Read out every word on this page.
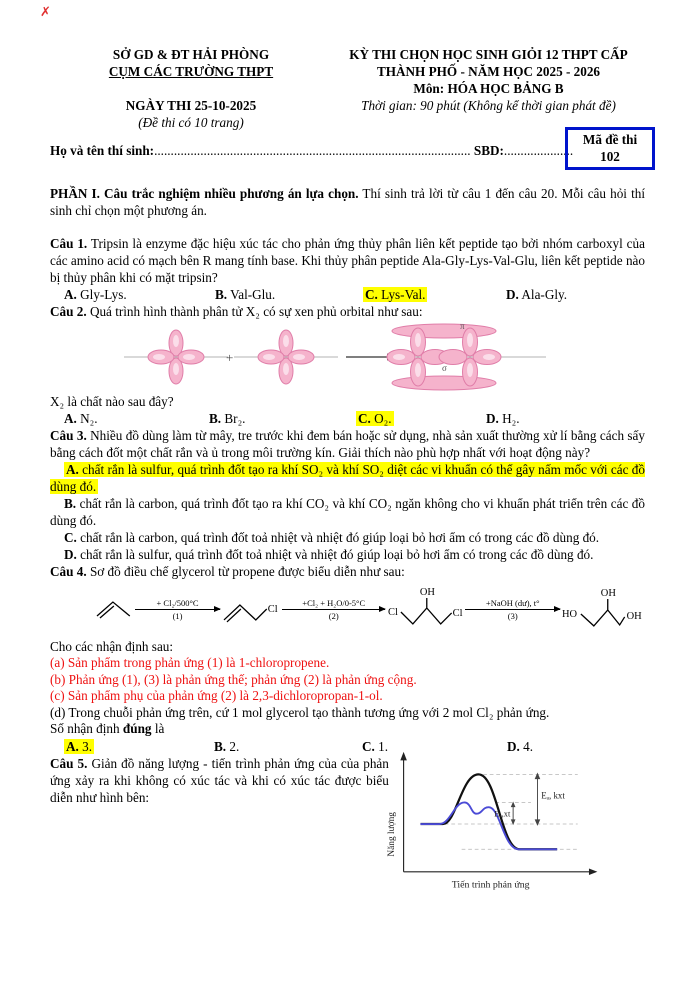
✗

SỞ GD & ĐT HẢI PHÒNG

CỤM CÁC TRƯỜNG THPT

NGÀY THI 25-10-2025

(Đề thi có 10 trang)

KỲ THI CHỌN HỌC SINH GIỎI 12 THPT CẤP

THÀNH PHỐ - NĂM HỌC 2025 - 2026

Môn: HÓA HỌC BẢNG B

Thời gian: 90 phút (Không kể thời gian phát đề)

Mã đề thi
102

Họ và tên thí sinh:................................................................................................ SBD:.....................

PHẦN I. Câu trắc nghiệm nhiều phương án lựa chọn. Thí sinh trả lời từ câu 1 đến câu 20. Mỗi câu hỏi thí sinh chỉ chọn một phương án.

Câu 1. Tripsin là enzyme đặc hiệu xúc tác cho phản ứng thủy phân liên kết peptide tạo bởi nhóm carboxyl của các amino acid có mạch bên R mang tính base. Khi thủy phân peptide Ala-Gly-Lys-Val-Glu, liên kết peptide nào bị thủy phân khi có mặt tripsin?

A. Gly-Lys.	B. Val-Glu.	C. Lys-Val.	D. Ala-Gly.

Câu 2. Quá trình hình thành phân tử X₂ có sự xen phủ orbital như sau:

+
π
σ

X₂ là chất nào sau đây?

A. N₂.	B. Br₂.	C. O₂.	D. H₂.

Câu 3. Nhiều đồ dùng làm từ mây, tre trước khi đem bán hoặc sử dụng, nhà sản xuất thường xử lí bằng cách sấy bằng cách đốt một chất rắn và ủ trong môi trường kín. Giải thích nào phù hợp nhất với hoạt động này?

A. chất rắn là sulfur, quá trình đốt tạo ra khí SO₂ và khí SO₂ diệt các vi khuẩn có thể gây nấm mốc với các đồ dùng đó.

B. chất rắn là carbon, quá trình đốt tạo ra khí CO₂ và khí CO₂ ngăn không cho vi khuẩn phát triển trên các đồ dùng đó.

C. chất rắn là carbon, quá trình đốt toả nhiệt và nhiệt đó giúp loại bỏ hơi ẩm có trong các đồ dùng đó.

D. chất rắn là sulfur, quá trình đốt toả nhiệt và nhiệt đó giúp loại bỏ hơi ẩm có trong các đồ dùng đó.

Câu 4. Sơ đồ điều chế glycerol từ propene được biểu diễn như sau:

+ Cl₂/500°C
(1)
Cl
+Cl₂ + H₂O/0-5°C
(2)	Cl
OH
Cl
+NaOH (dư), t°
(3)	HO
OH
OH

Cho các nhận định sau:

(a) Sản phẩm trong phản ứng (1) là 1-chloropropene.

(b) Phản ứng (1), (3) là phản ứng thế; phản ứng (2) là phản ứng cộng.

(c) Sản phẩm phụ của phản ứng (2) là 2,3-dichloropropan-1-ol.

(d) Trong chuỗi phản ứng trên, cứ 1 mol glycerol tạo thành tương ứng với 2 mol Cl₂ phản ứng.

Số nhận định đúng là

A. 3.	B. 2.	C. 1.	D. 4.

Câu 5. Giản đồ năng lượng - tiến trình phản ứng của của phản ứng xảy ra khi không có xúc tác và khi có xúc tác được biểu diễn như hình bên:

Năng lượng
Tiến trình phản ứng
Eₐ, kxt
Eₐ,xt
